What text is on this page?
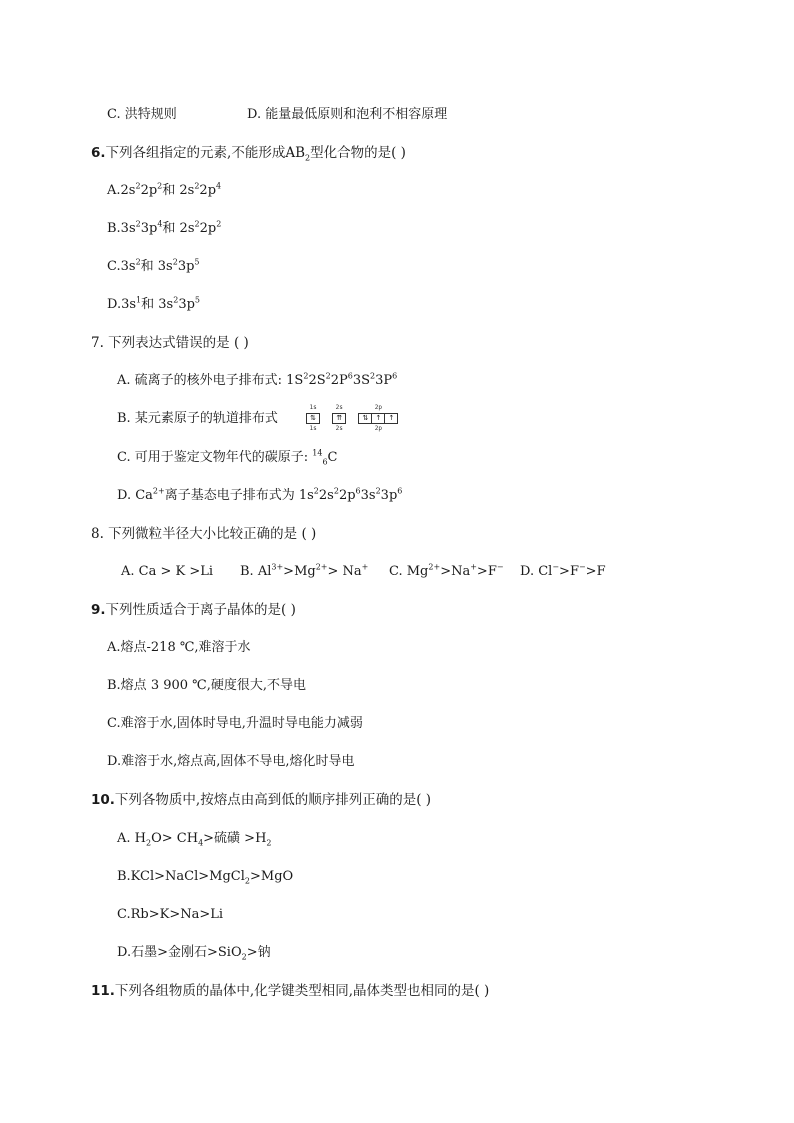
C. 洪特规则	D. 能量最低原则和泡利不相容原理
6.下列各组指定的元素,不能形成$AB_2$型化合物的是( )
$A.2s^22p^2$和 $2s^22p^4$
$B.3s^23p^4$和 $2s^22p^2$
$C.3s^2$和 $3s^23p^5$
$D.3s^1$和 $3s^23p^5$
7. 下列表达式错误的是 ( )
A. 硫离子的核外电子排布式: $1S^22S^22P^63S^23P^6$
B. 某元素原子的轨道排布式
1s
⇅
1s

2s
⇈
2s

2p
⇅	↑	↑
2p
C. 可用于鉴定文物年代的碳原子: $^{14}_6$C
D. $Ca^{2+}$离子基态电子排布式为 $1s^22s^22p^63s^23p^6$
8. 下列微粒半径大小比较正确的是 ( )
A. Ca > K >Li B. $Al^{3+}>Mg^{2+}> Na^+$ C. $Mg^{2+}>Na^+>F^-$ D. Cl−>F−>F
9.下列性质适合于离子晶体的是( )
A.熔点-218 ℃,难溶于水
B.熔点 3 900 ℃,硬度很大,不导电
C.难溶于水,固体时导电,升温时导电能力减弱
D.难溶于水,熔点高,固体不导电,熔化时导电
10.下列各物质中,按熔点由高到低的顺序排列正确的是( )
A. $H_2O> CH_4>$硫磺 $>H_2$
B.KCl>NaCl>MgCl$_2$>MgO
C.Rb>K>Na>Li
D.石墨>金刚石>SiO$_2$>钠
11.下列各组物质的晶体中,化学键类型相同,晶体类型也相同的是( )
